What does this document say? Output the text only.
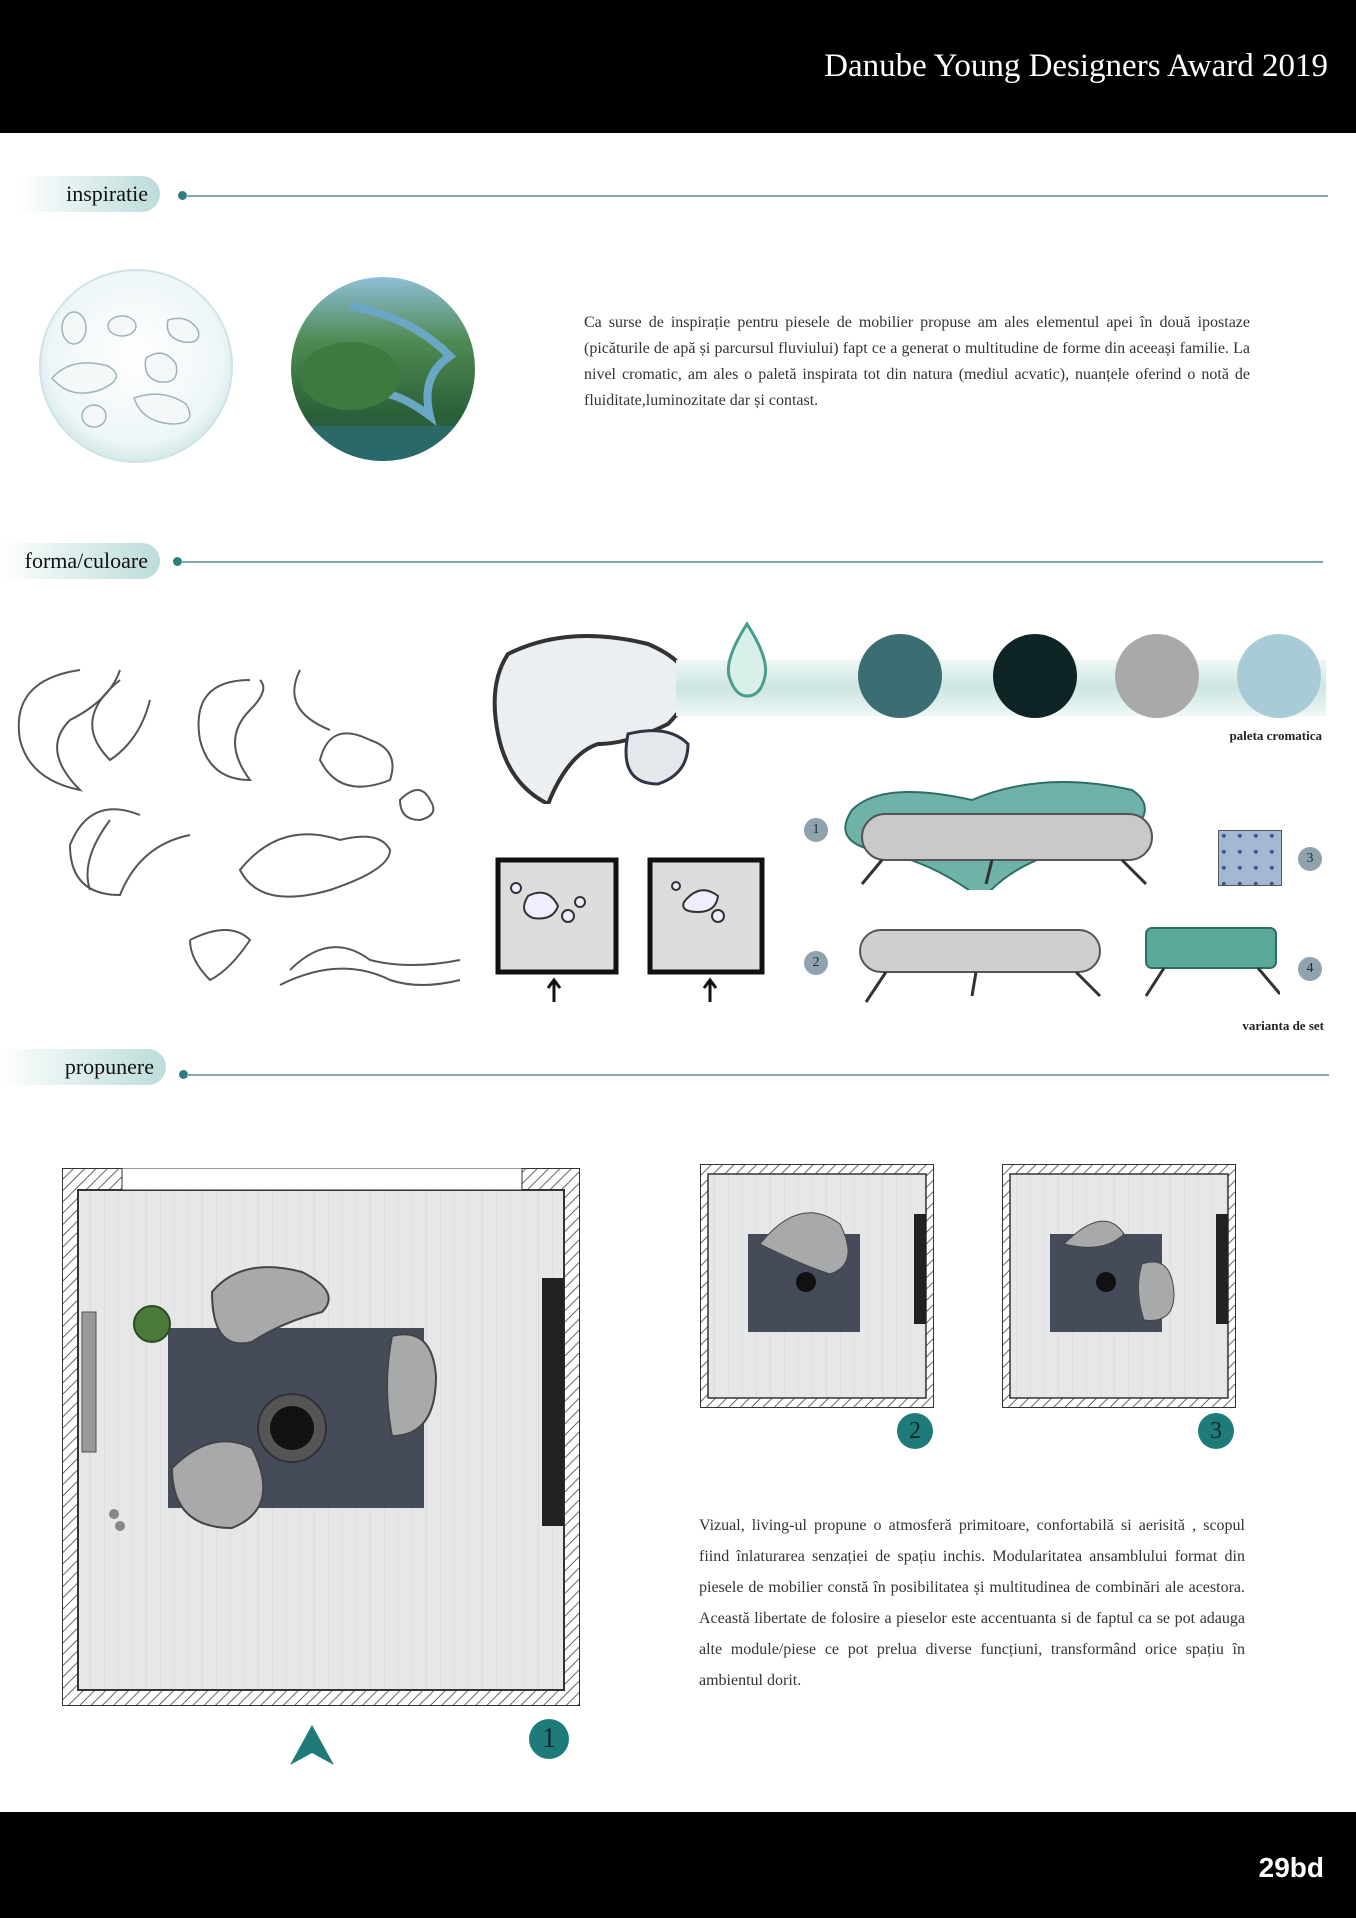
Danube Young Designers Award 2019
29bd
inspiratie
Ca surse de inspirație pentru piesele de mobilier propuse am ales elementul apei în două ipostaze (picăturile de apă și parcursul fluviului) fapt ce a generat o multitudine de forme din aceeași familie. La nivel cromatic, am ales o paletă inspirata tot din natura (mediul acvatic), nuanțele oferind o notă de fluiditate,luminozitate dar și contast.
forma/culoare
paleta cromatica
1
2
3
4
varianta de set
propunere
1
2	3
Vizual, living-ul propune o atmosferă primitoare, confortabilă si aerisită , scopul fiind înlaturarea senzației de spațiu inchis. Modularitatea ansamblului format din piesele de mobilier constă în posibilitatea și multitudinea de combinări ale acestora. Această libertate de folosire a pieselor este accentuanta si de faptul ca se pot adauga alte module/piese ce pot prelua diverse funcțiuni, transformând orice spațiu în ambientul dorit.
